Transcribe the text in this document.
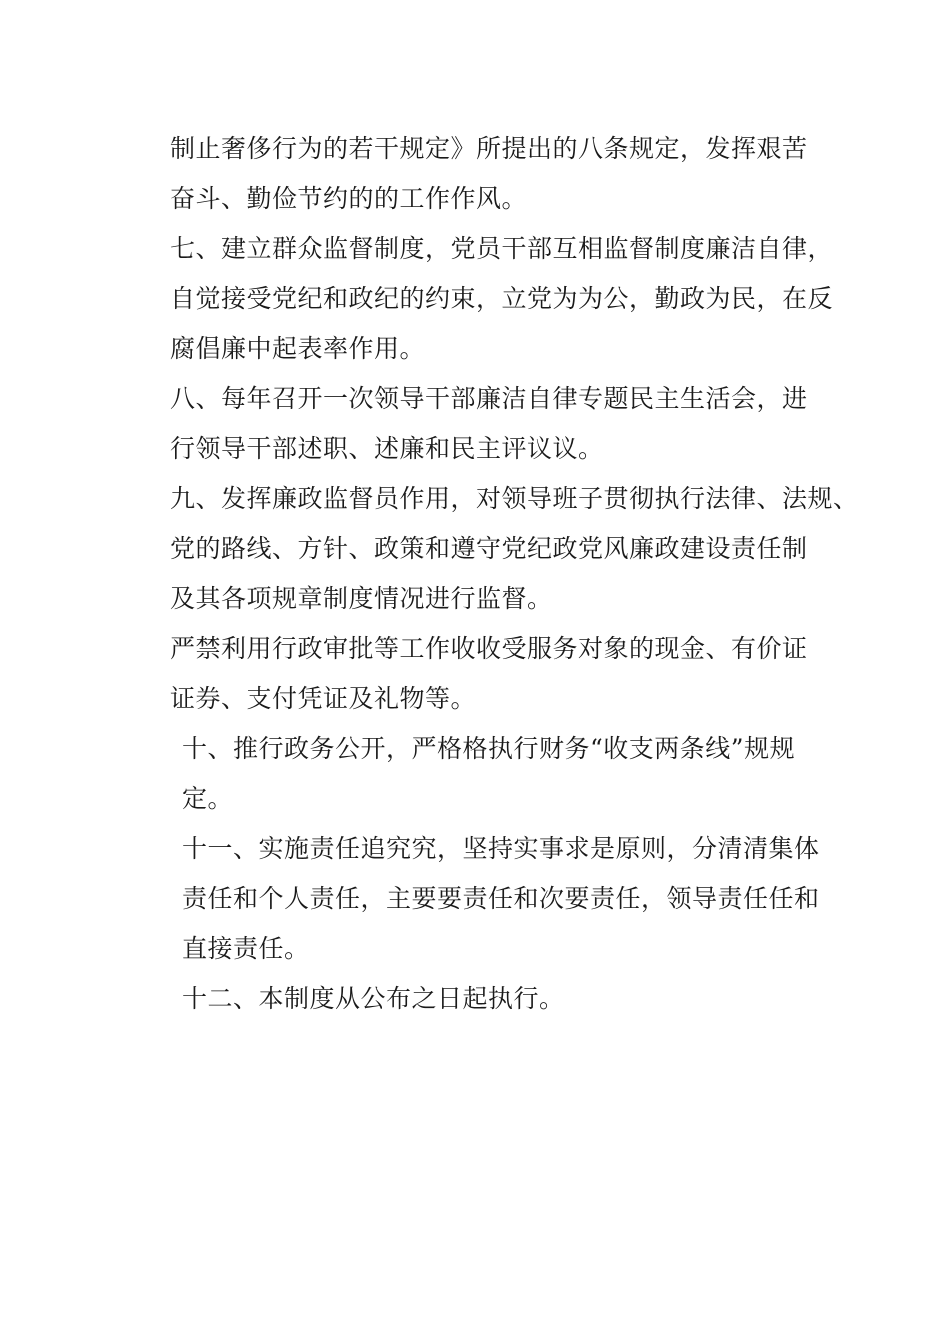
制止奢侈行为的若干规定》所提出的八条规定，发挥艰苦
奋斗、勤俭节约的的工作作风。
七、建立群众监督制度，党员干部互相监督制度廉洁自律，
自觉接受党纪和政纪的约束，立党为为公，勤政为民，在反
腐倡廉中起表率作用。
八、每年召开一次领导干部廉洁自律专题民主生活会，进
行领导干部述职、述廉和民主评议议。
九、发挥廉政监督员作用，对领导班子贯彻执行法律、法规、
党的路线、方针、政策和遵守党纪政党风廉政建设责任制
及其各项规章制度情况进行监督。
严禁利用行政审批等工作收收受服务对象的现金、有价证
证券、支付凭证及礼物等。
十、推行政务公开，严格格执行财务“收支两条线”规规
定。
十一、实施责任追究究，坚持实事求是原则，分清清集体
责任和个人责任，主要要责任和次要责任，领导责任任和
直接责任。
十二、本制度从公布之日起执行。
